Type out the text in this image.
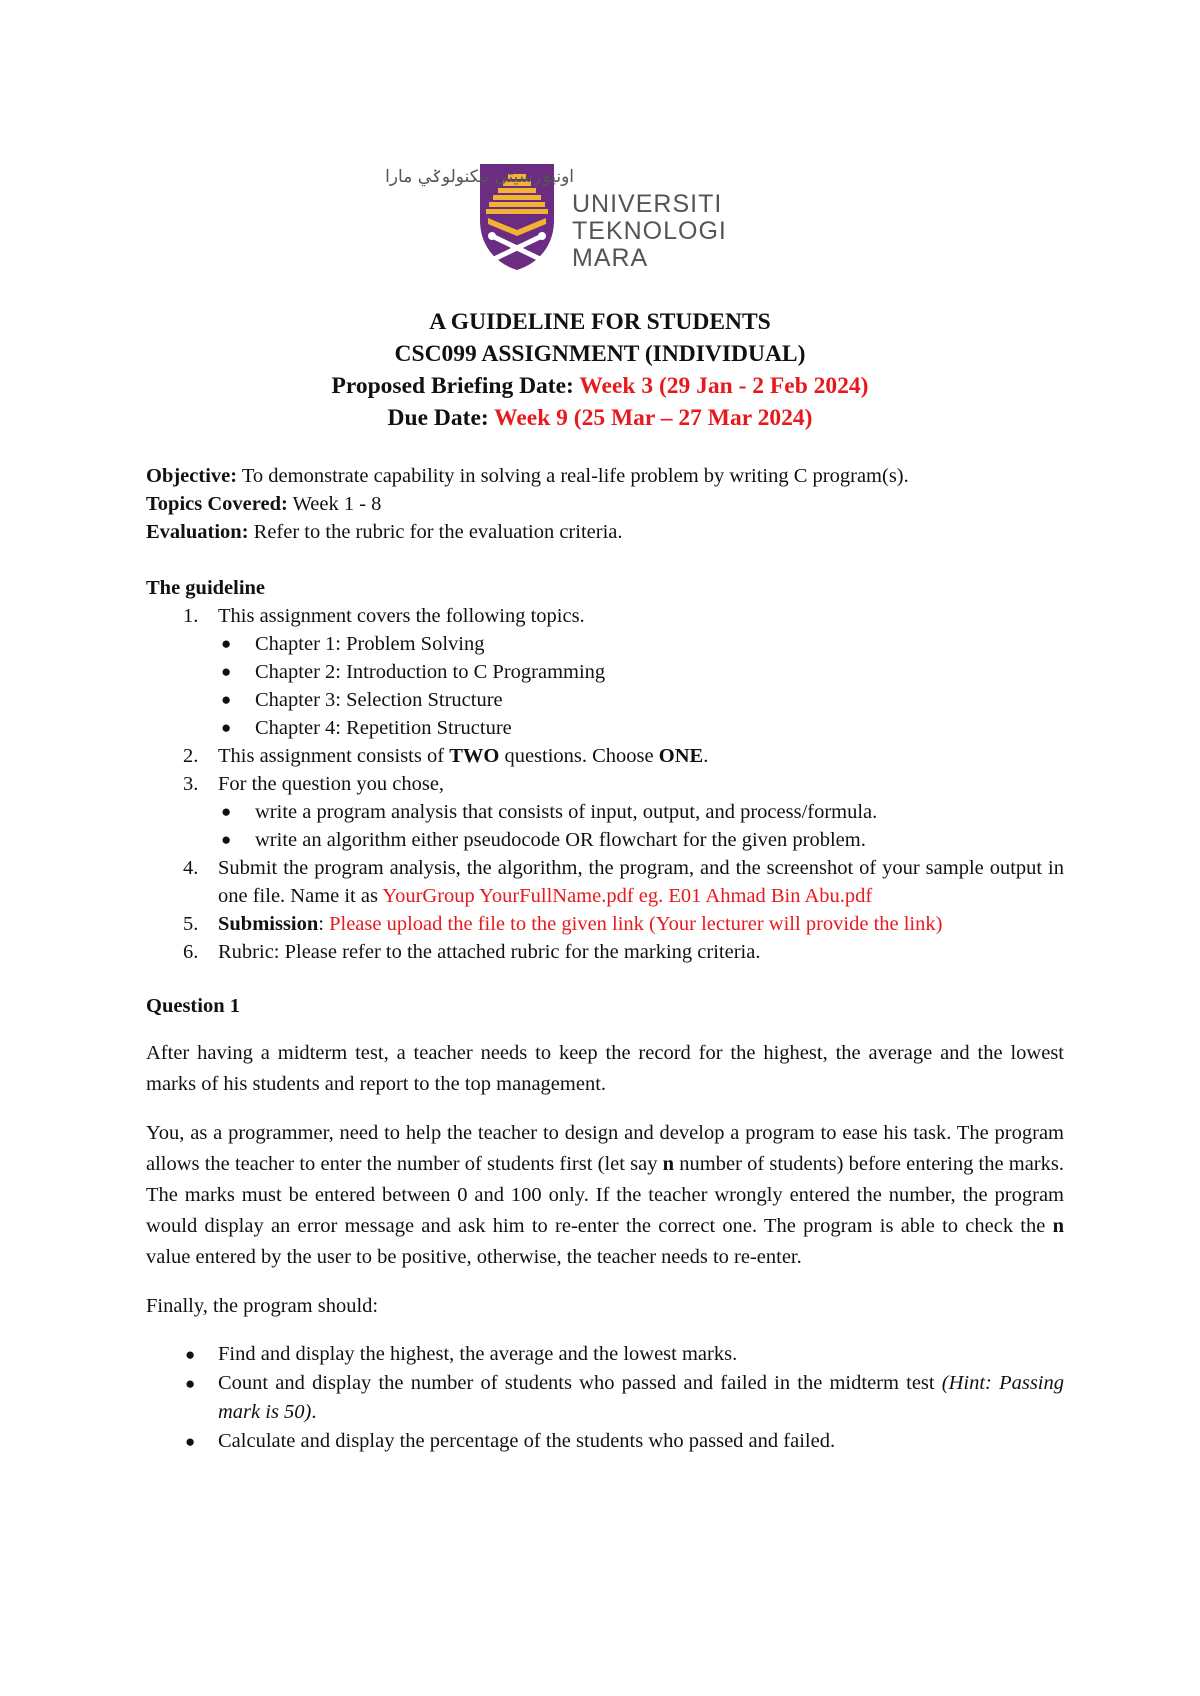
اونيۏرسيتي تيكنولوݢي مارا
UNIVERSITI
TEKNOLOGI
MARA
A GUIDELINE FOR STUDENTS
CSC099 ASSIGNMENT (INDIVIDUAL)
Proposed Briefing Date: Week 3 (29 Jan - 2 Feb 2024)
Due Date: Week 9 (25 Mar – 27 Mar 2024)

Objective: To demonstrate capability in solving a real-life problem by writing C program(s).

Topics Covered: Week 1 - 8

Evaluation: Refer to the rubric for the evaluation criteria.

The guideline

1. This assignment covers the following topics.
● Chapter 1: Problem Solving
● Chapter 2: Introduction to C Programming
● Chapter 3: Selection Structure
● Chapter 4: Repetition Structure
2. This assignment consists of TWO questions. Choose ONE.
3. For the question you chose,
● write a program analysis that consists of input, output, and process/formula.
● write an algorithm either pseudocode OR flowchart for the given problem.
4. Submit the program analysis, the algorithm, the program, and the screenshot of your sample output in one file. Name it as YourGroup YourFullName.pdf eg. E01 Ahmad Bin Abu.pdf
5. Submission: Please upload the file to the given link (Your lecturer will provide the link)
6. Rubric: Please refer to the attached rubric for the marking criteria.

Question 1

After having a midterm test, a teacher needs to keep the record for the highest, the average and the lowest marks of his students and report to the top management.

You, as a programmer, need to help the teacher to design and develop a program to ease his task. The program allows the teacher to enter the number of students first (let say n number of students) before entering the marks. The marks must be entered between 0 and 100 only. If the teacher wrongly entered the number, the program would display an error message and ask him to re-enter the correct one. The program is able to check the n value entered by the user to be positive, otherwise, the teacher needs to re-enter.

Finally, the program should:

● Find and display the highest, the average and the lowest marks.
● Count and display the number of students who passed and failed in the midterm test (Hint: Passing mark is 50).
● Calculate and display the percentage of the students who passed and failed.
